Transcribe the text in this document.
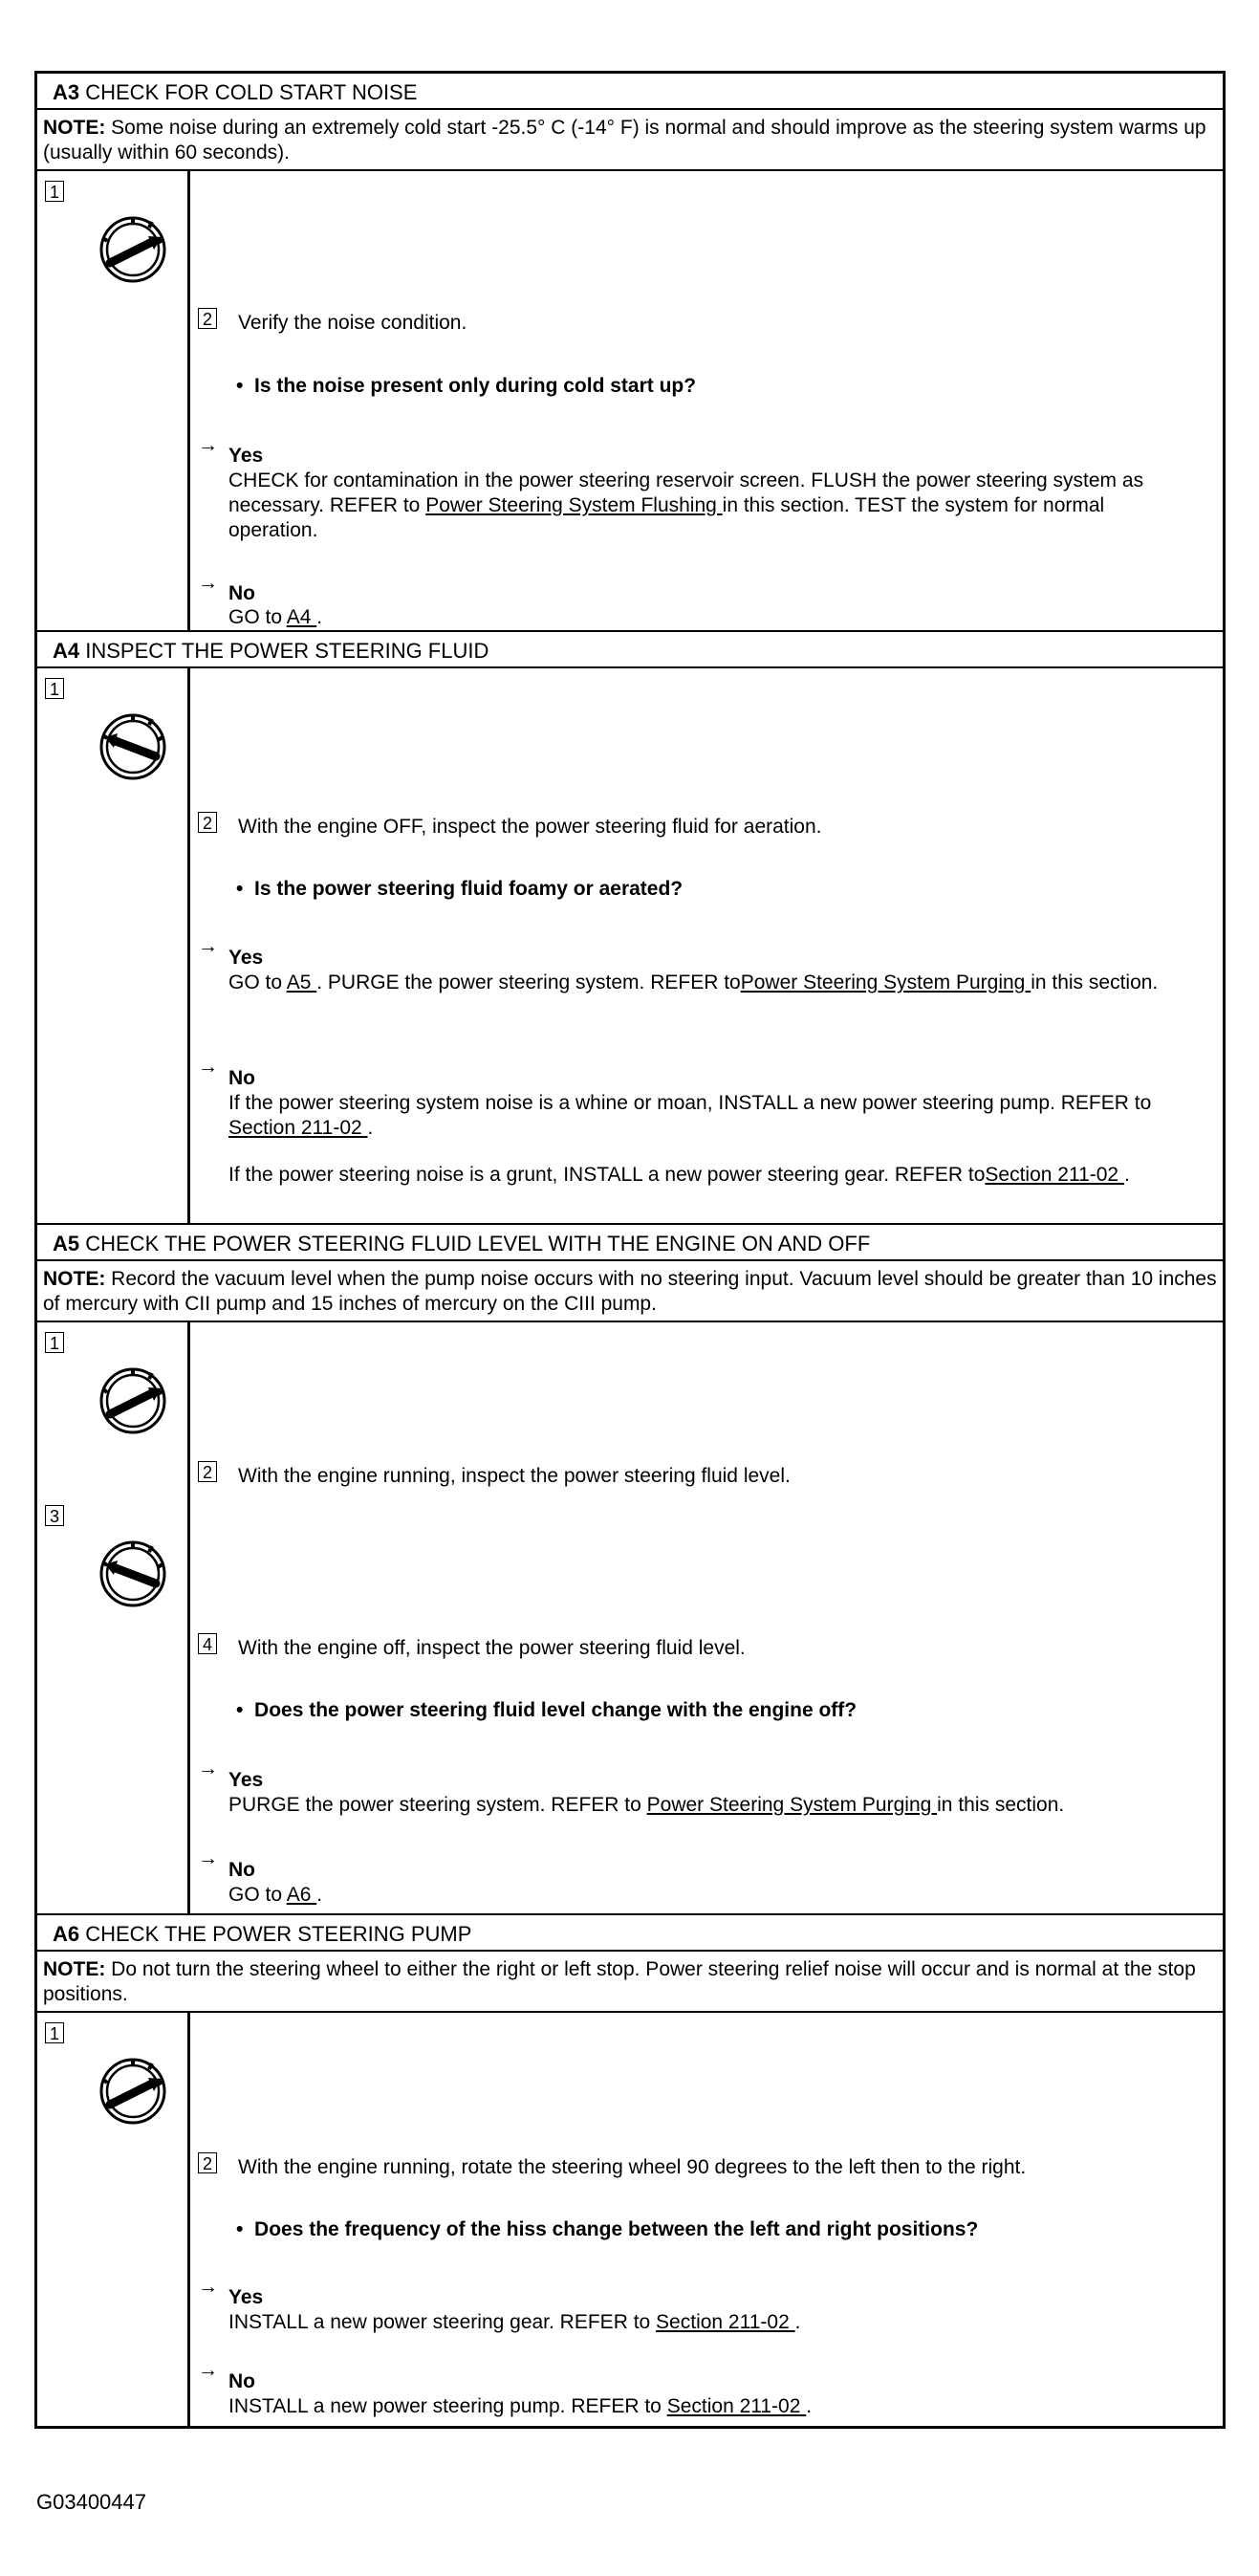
A3 CHECK FOR COLD START NOISE
NOTE: Some noise during an extremely cold start -25.5° C (-14° F) is normal and should improve as the steering system warms up (usually within 60 seconds).
1
2 Verify the noise condition.
• Is the noise present only during cold start up?
→ Yes
CHECK for contamination in the power steering reservoir screen. FLUSH the power steering system as necessary. REFER to Power Steering System Flushing in this section. TEST the system for normal operation.
→ No
GO to A4 .
A4 INSPECT THE POWER STEERING FLUID
1
2 With the engine OFF, inspect the power steering fluid for aeration.
• Is the power steering fluid foamy or aerated?
→
Yes
GO to A5 . PURGE the power steering system. REFER toPower Steering System Purging in this section.
→
No
If the power steering system noise is a whine or moan, INSTALL a new power steering pump. REFER to Section 211-02 .
If the power steering noise is a grunt, INSTALL a new power steering gear. REFER toSection 211-02 .
A5 CHECK THE POWER STEERING FLUID LEVEL WITH THE ENGINE ON AND OFF
NOTE: Record the vacuum level when the pump noise occurs with no steering input. Vacuum level should be greater than 10 inches of mercury with CII pump and 15 inches of mercury on the CIII pump.
1
3
2 With the engine running, inspect the power steering fluid level.
4 With the engine off, inspect the power steering fluid level.
• Does the power steering fluid level change with the engine off?
→
Yes
PURGE the power steering system. REFER to Power Steering System Purging in this section.
→
No
GO to A6 .
A6 CHECK THE POWER STEERING PUMP
NOTE: Do not turn the steering wheel to either the right or left stop. Power steering relief noise will occur and is normal at the stop positions.
1
2 With the engine running, rotate the steering wheel 90 degrees to the left then to the right.
• Does the frequency of the hiss change between the left and right positions?
→ Yes
INSTALL a new power steering gear. REFER to Section 211-02 .
→
No
INSTALL a new power steering pump. REFER to Section 211-02 .
G03400447
